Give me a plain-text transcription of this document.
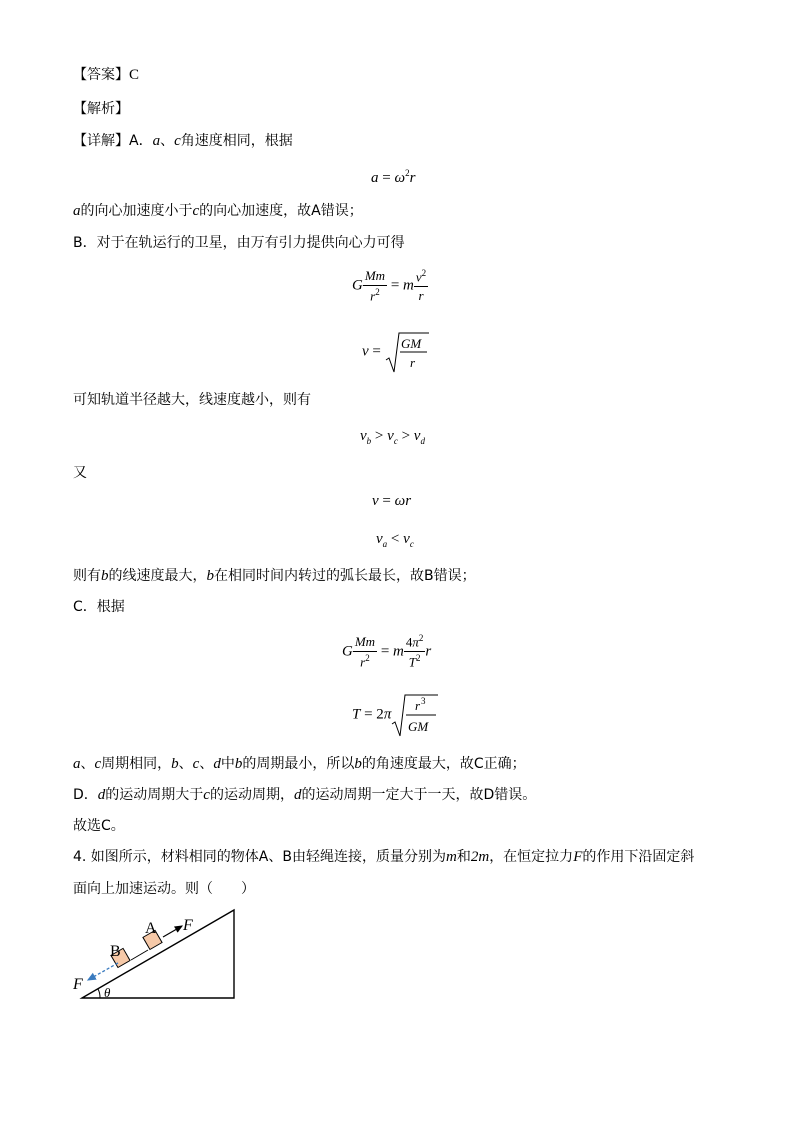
【答案】C
【解析】
【详解】A．a、c角速度相同，根据
$a = \omega^2r$
a的向心加速度小于c的向心加速度，故A错误；
B．对于在轨运行的卫星，由万有引力提供向心力可得
G $\frac{Mm}{r^2} = m \frac{v^2}{r}$
v = GM
r
可知轨道半径越大，线速度越小，则有
$v_b > v_c > v_d$
又
v = ωr
$v_a < v_c$
则有b的线速度最大，b在相同时间内转过的弧长最长，故B错误；
C．根据
G $\frac{Mm}{r^2} = m \frac{4\pi^2}{T^2}$ r
T = 2π
r 3
GM
a、c周期相同，b、c、d中b的周期最小，所以b的角速度最大，故C正确；
D．d的运动周期大于c的运动周期，d的运动周期一定大于一天，故D错误。
故选C。
4. 如图所示，材料相同的物体A、B由轻绳连接，质量分别为m和2m，在恒定拉力F的作用下沿固定斜
面向上加速运动。则（　　）
B
A F
F θ
